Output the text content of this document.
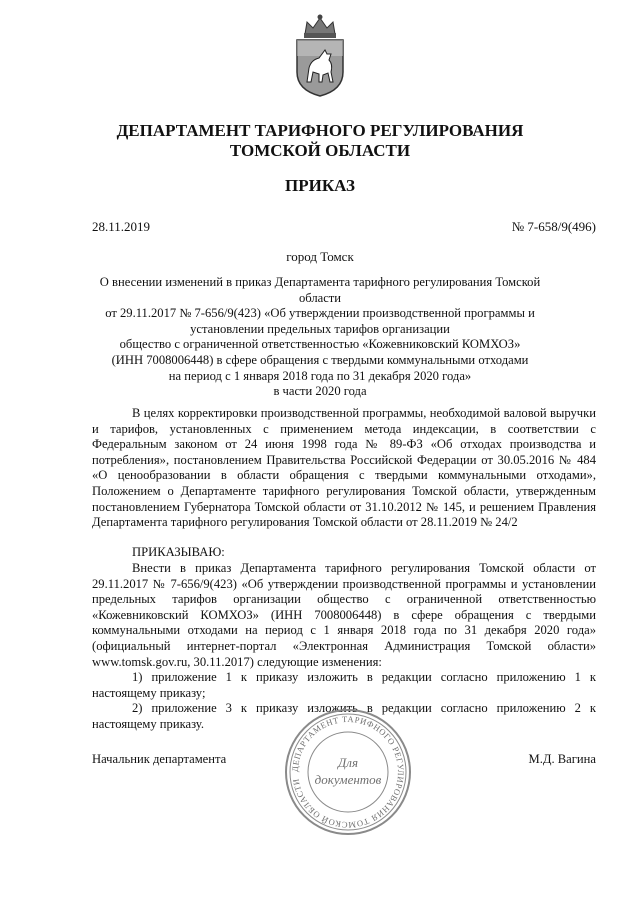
ДЕПАРТАМЕНТ ТАРИФНОГО РЕГУЛИРОВАНИЯ
ТОМСКОЙ ОБЛАСТИ
ПРИКАЗ
28.11.2019	№ 7-658/9(496)
город Томск

О внесении изменений в приказ Департамента тарифного регулирования Томской области

от 29.11.2017 № 7-656/9(423) «Об утверждении производственной программы и

установлении предельных тарифов организации

общество с ограниченной ответственностью «Кожевниковский КОМХОЗ»

(ИНН 7008006448) в сфере обращения с твердыми коммунальными отходами

на период с 1 января 2018 года по 31 декабря 2020 года»

в части 2020 года

В целях корректировки производственной программы, необходимой валовой выручки и тарифов, установленных с применением метода индексации, в соответствии с Федеральным законом от 24 июня 1998 года № 89-ФЗ «Об отходах производства и потребления», постановлением Правительства Российской Федерации от 30.05.2016 № 484 «О ценообразовании в области обращения с твердыми коммунальными отходами», Положением о Департаменте тарифного регулирования Томской области, утвержденным постановлением Губернатора Томской области от 31.10.2012 № 145, и решением Правления Департамента тарифного регулирования Томской области от 28.11.2019 № 24/2
ПРИКАЗЫВАЮ:

Внести в приказ Департамента тарифного регулирования Томской области от 29.11.2017 № 7-656/9(423) «Об утверждении производственной программы и установлении предельных тарифов организации общество с ограниченной ответственностью «Кожевниковский КОМХОЗ» (ИНН 7008006448) в сфере обращения с твердыми коммунальными отходами на период с 1 января 2018 года по 31 декабря 2020 года» (официальный интернет-портал «Электронная Администрация Томской области» www.tomsk.gov.ru, 30.11.2017) следующие изменения:

1) приложение 1 к приказу изложить в редакции согласно приложению 1 к настоящему приказу;

2) приложение 3 к приказу изложить в редакции согласно приложению 2 к настоящему приказу.

Начальник департамента	М.Д. Вагина
ДЕПАРТАМЕНТ ТАРИФНОГО РЕГУЛИРОВАНИЯ ТОМСКОЙ ОБЛАСТИ
Для
документов
